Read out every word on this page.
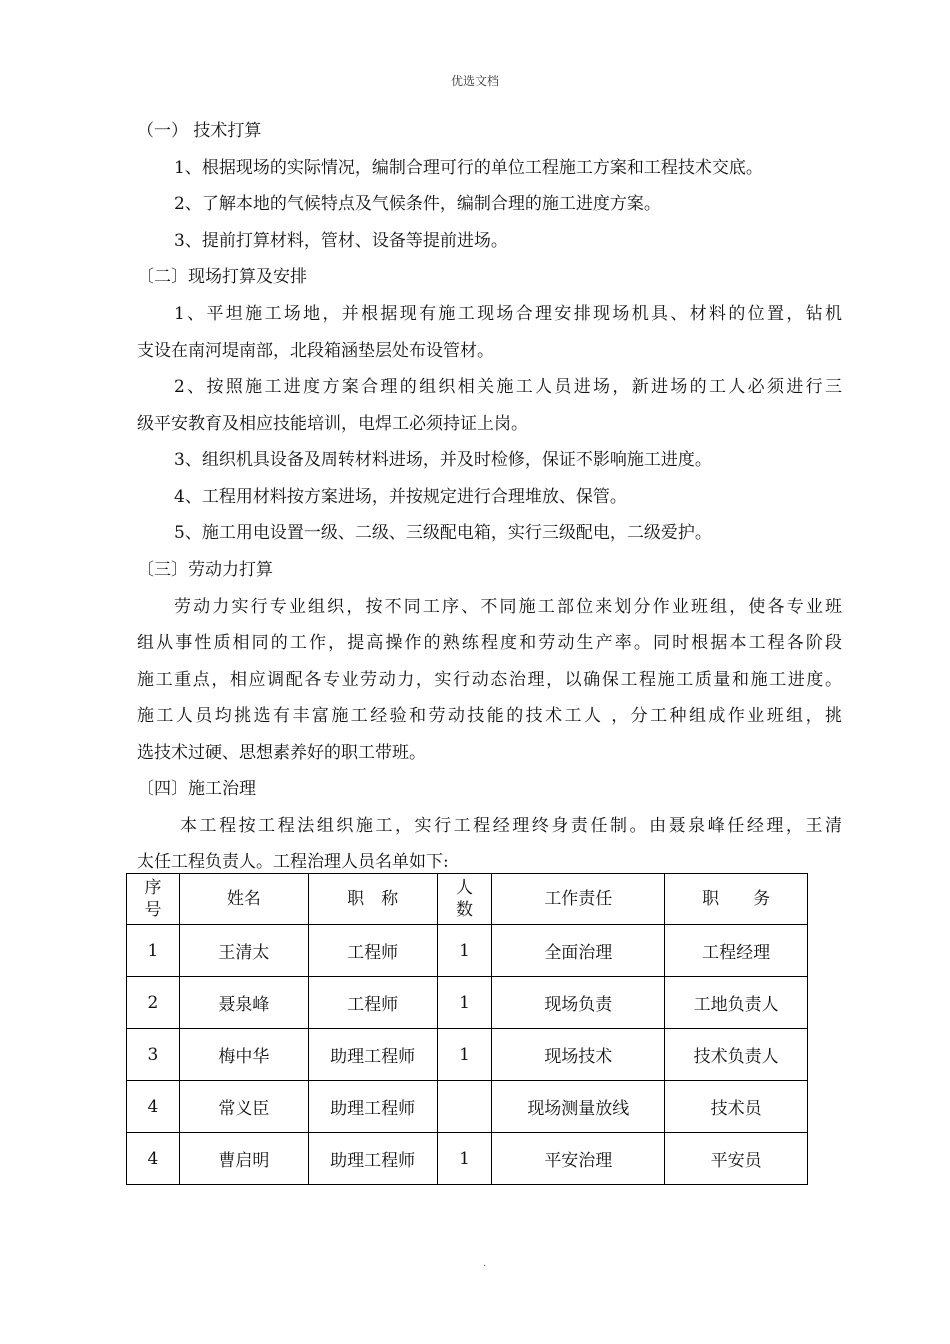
优选文档
（一） 技术打算
1、根据现场的实际情况，编制合理可行的单位工程施工方案和工程技术交底。
2、了解本地的气候特点及气候条件，编制合理的施工进度方案。
3、提前打算材料，管材、设备等提前进场。
〔二〕现场打算及安排
1、平坦施工场地，并根据现有施工现场合理安排现场机具、材料的位置，钻机
支设在南河堤南部，北段箱涵垫层处布设管材。
2、按照施工进度方案合理的组织相关施工人员进场，新进场的工人必须进行三
级平安教育及相应技能培训，电焊工必须持证上岗。
3、组织机具设备及周转材料进场，并及时检修，保证不影响施工进度。
4、工程用材料按方案进场，并按规定进行合理堆放、保管。
5、施工用电设置一级、二级、三级配电箱，实行三级配电，二级爱护。
〔三〕劳动力打算
劳动力实行专业组织，按不同工序、不同施工部位来划分作业班组，使各专业班
组从事性质相同的工作，提高操作的熟练程度和劳动生产率。同时根据本工程各阶段
施工重点，相应调配各专业劳动力，实行动态治理，以确保工程施工质量和施工进度。
施工人员均挑选有丰富施工经验和劳动技能的技术工人 ，分工种组成作业班组，挑
选技术过硬、思想素养好的职工带班。
〔四〕施工治理
本工程按工程法组织施工，实行工程经理终身责任制。由聂泉峰任经理，王清
太任工程负责人。工程治理人员名单如下:
序号	姓名	职　称	人数	工作责任	职　　务
1	王清太	工程师	1	全面治理	工程经理
2	聂泉峰	工程师	1	现场负责	工地负责人
3	梅中华	助理工程师	1	现场技术	技术负责人
4	常义臣	助理工程师		现场测量放线	技术员
4	曹启明	助理工程师	1	平安治理	平安员
.
